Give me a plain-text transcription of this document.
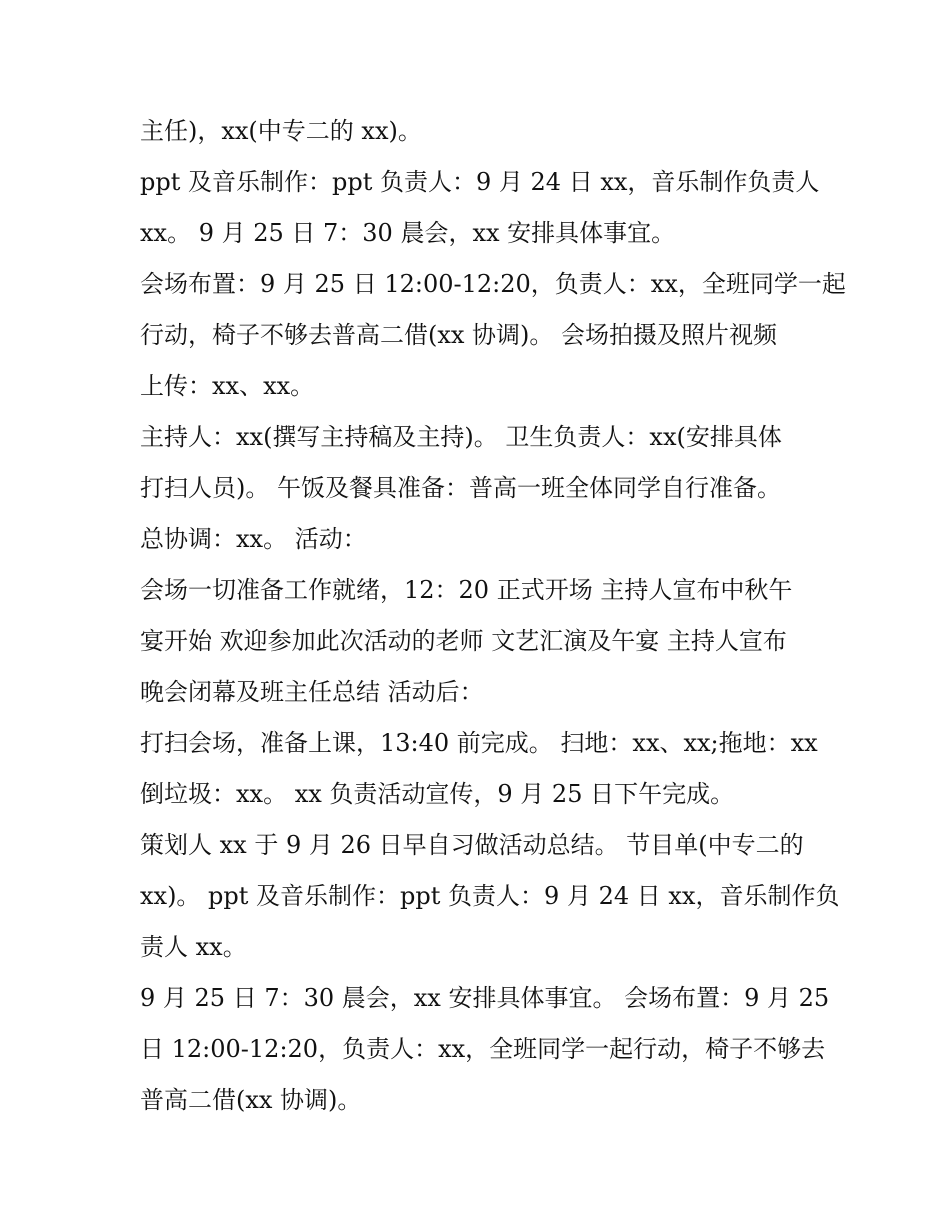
主任)，xx(中专二的 xx)。
ppt 及音乐制作：ppt 负责人：9 月 24 日 xx，音乐制作负责人
xx。 9 月 25 日 7：30 晨会，xx 安排具体事宜。
会场布置：9 月 25 日 12:00-12:20，负责人：xx，全班同学一起
行动，椅子不够去普高二借(xx 协调)。 会场拍摄及照片视频
上传：xx、xx。
主持人：xx(撰写主持稿及主持)。 卫生负责人：xx(安排具体
打扫人员)。 午饭及餐具准备：普高一班全体同学自行准备。
总协调：xx。 活动：
会场一切准备工作就绪，12：20 正式开场 主持人宣布中秋午
宴开始 欢迎参加此次活动的老师 文艺汇演及午宴 主持人宣布
晚会闭幕及班主任总结 活动后：
打扫会场，准备上课，13:40 前完成。 扫地：xx、xx;拖地：xx
倒垃圾：xx。 xx 负责活动宣传，9 月 25 日下午完成。
策划人 xx 于 9 月 26 日早自习做活动总结。 节目单(中专二的
xx)。 ppt 及音乐制作：ppt 负责人：9 月 24 日 xx，音乐制作负
责人 xx。
9 月 25 日 7：30 晨会，xx 安排具体事宜。 会场布置：9 月 25
日 12:00-12:20，负责人：xx，全班同学一起行动，椅子不够去
普高二借(xx 协调)。
